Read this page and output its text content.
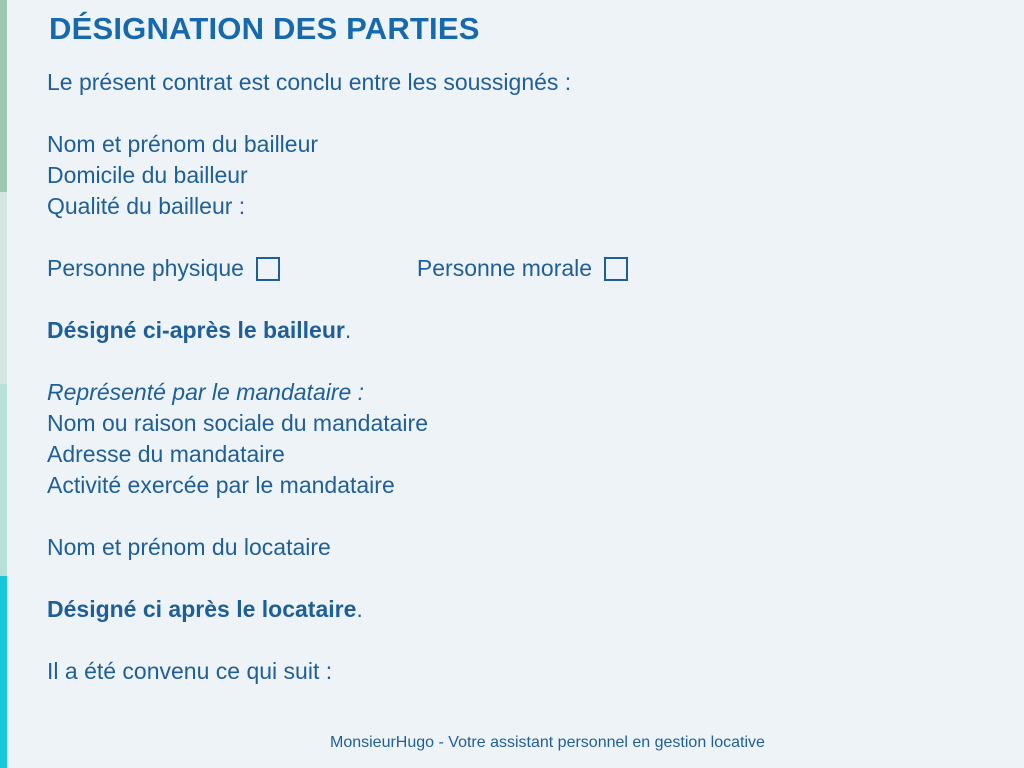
DÉSIGNATION DES PARTIES
Le présent contrat est conclu entre les soussignés :
Nom et prénom du bailleur
Domicile du bailleur
Qualité du bailleur :
Personne physique	Personne morale
Désigné ci-après le bailleur.
Représenté par le mandataire :
Nom ou raison sociale du mandataire
Adresse du mandataire
Activité exercée par le mandataire
Nom et prénom du locataire
Désigné ci après le locataire.
Il a été convenu ce qui suit :
MonsieurHugo - Votre assistant personnel en gestion locative
